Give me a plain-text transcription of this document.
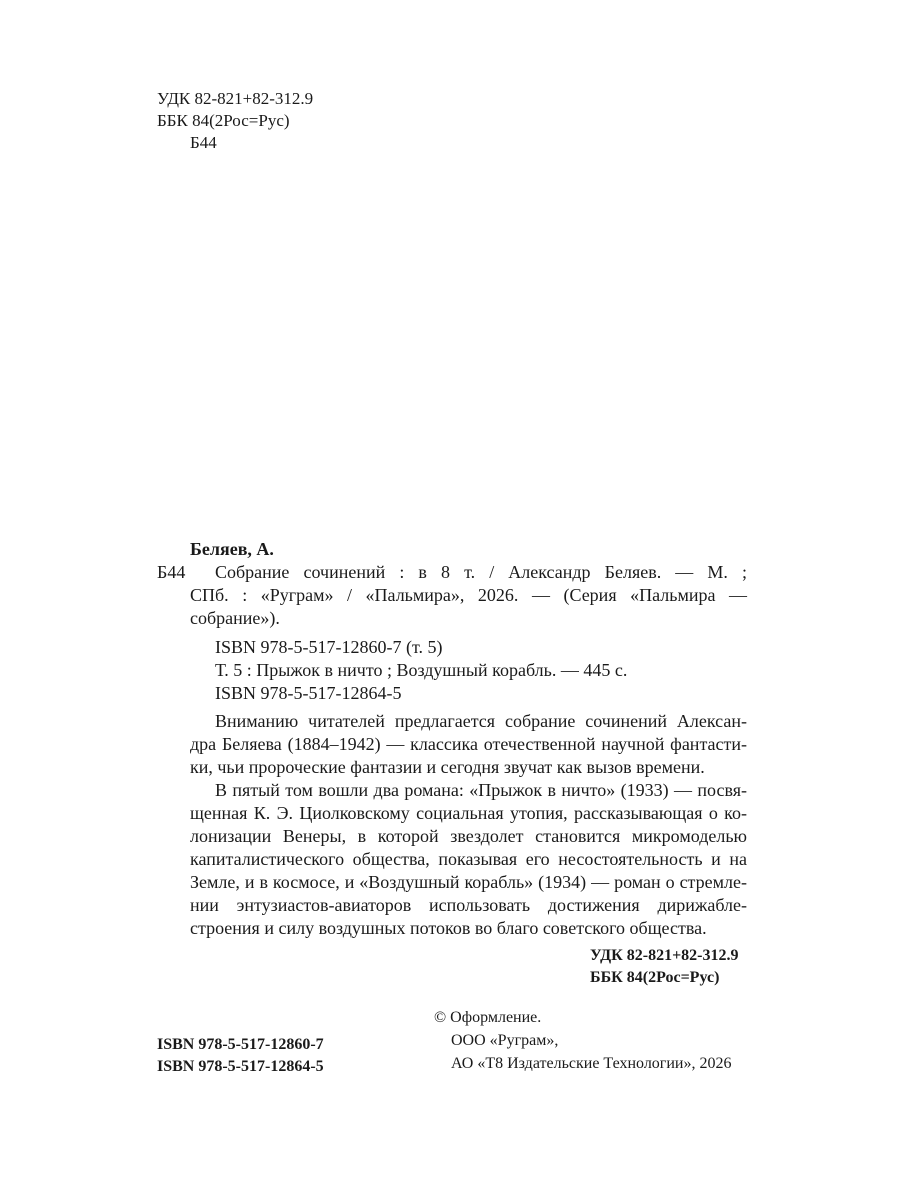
УДК 82-821+82-312.9
ББК 84(2Рос=Рус)
Б44
Беляев, А.
Б44 Собрание сочинений : в 8 т. / Александр Беляев. — М. ;
СПб. : «Руграм» / «Пальмира», 2026. — (Серия «Пальмира —
собрание»).
ISBN 978-5-517-12860-7 (т. 5)
Т. 5 : Прыжок в ничто ; Воздушный корабль. — 445 с.
ISBN 978-5-517-12864-5
Вниманию читателей предлагается собрание сочинений Алексан-
дра Беляева (1884–1942) — классика отечественной научной фантасти-
ки, чьи пророческие фантазии и сегодня звучат как вызов времени.
В пятый том вошли два романа: «Прыжок в ничто» (1933) — посвя-
щенная К. Э. Циолковскому социальная утопия, рассказывающая о ко-
лонизации Венеры, в которой звездолет становится микромоделью
капиталистического общества, показывая его несостоятельность и на
Земле, и в космосе, и «Воздушный корабль» (1934) — роман о стремле-
нии энтузиастов-авиаторов использовать достижения дирижабле-
строения и силу воздушных потоков во благо советского общества.
УДК 82-821+82-312.9
ББК 84(2Рос=Рус)
ISBN 978-5-517-12860-7
ISBN 978-5-517-12864-5
© Оформление.
ООО «Руграм»,
АО «Т8 Издательские Технологии», 2026
